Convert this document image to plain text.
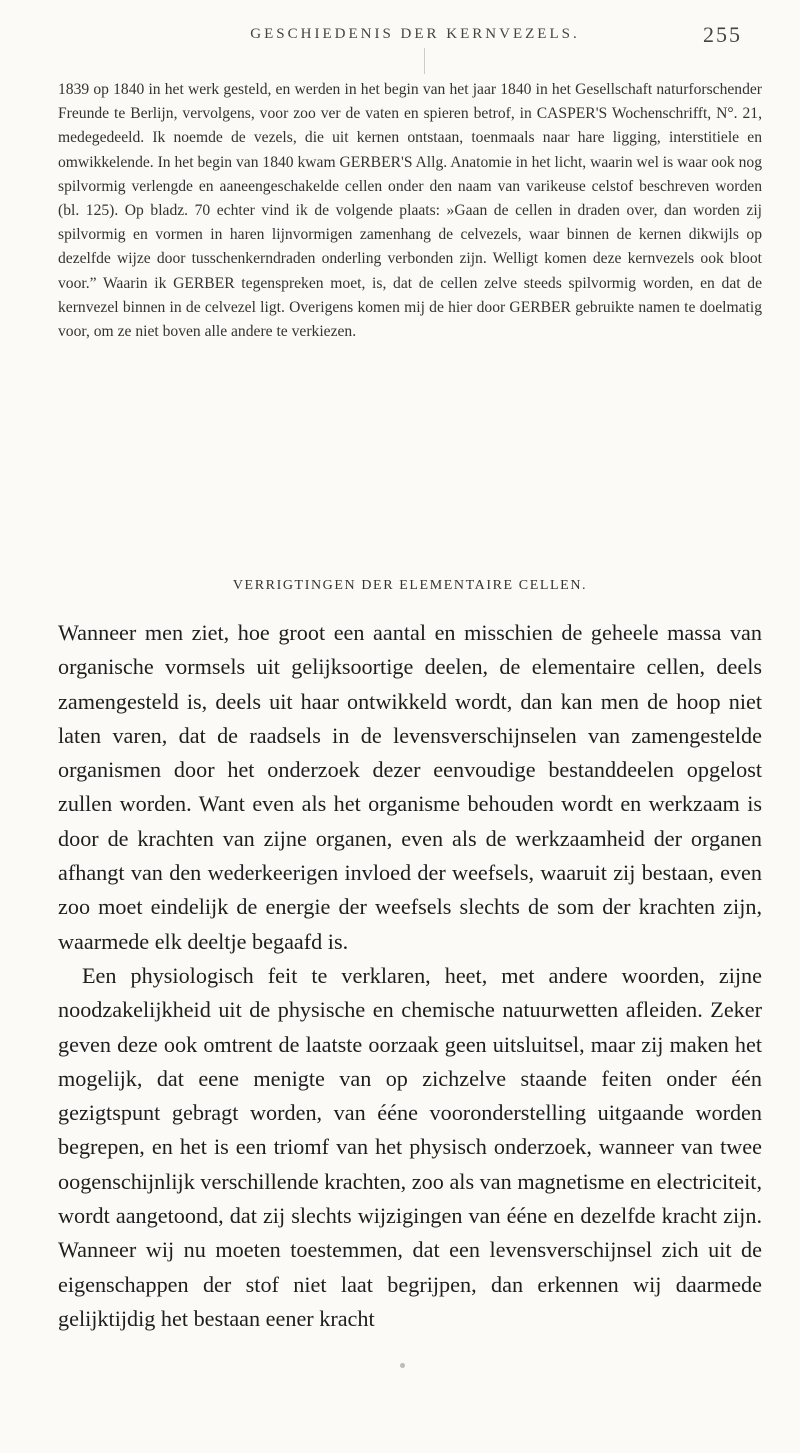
GESCHIEDENIS DER KERNVEZELS.	255

1839 op 1840 in het werk gesteld, en werden in het begin van het jaar 1840 in het Gesellschaft naturforschender Freunde te Berlijn, vervolgens, voor zoo ver de vaten en spieren betrof, in CASPER'S Wochenschrifft, N°. 21, medegedeeld. Ik noemde de vezels, die uit kernen ontstaan, toenmaals naar hare ligging, interstitiele en omwikkelende. In het begin van 1840 kwam GERBER'S Allg. Anatomie in het licht, waarin wel is waar ook nog spilvormig verlengde en aaneengeschakelde cellen onder den naam van varikeuse celstof beschreven worden (bl. 125). Op bladz. 70 echter vind ik de volgende plaats: »Gaan de cellen in draden over, dan worden zij spilvormig en vormen in haren lijnvormigen zamenhang de celvezels, waar binnen de kernen dikwijls op dezelfde wijze door tusschenkerndraden onderling verbonden zijn. Welligt komen deze kernvezels ook bloot voor.” Waarin ik GERBER tegenspreken moet, is, dat de cellen zelve steeds spilvormig worden, en dat de kernvezel binnen in de celvezel ligt. Overigens komen mij de hier door GERBER gebruikte namen te doelmatig voor, om ze niet boven alle andere te verkiezen.

VERRIGTINGEN DER ELEMENTAIRE CELLEN.

Wanneer men ziet, hoe groot een aantal en misschien de geheele massa van organische vormsels uit gelijksoortige deelen, de elementaire cellen, deels zamengesteld is, deels uit haar ontwikkeld wordt, dan kan men de hoop niet laten varen, dat de raadsels in de levensverschijnselen van zamengestelde organismen door het onderzoek dezer eenvoudige bestanddeelen opgelost zullen worden. Want even als het organisme behouden wordt en werkzaam is door de krachten van zijne organen, even als de werkzaamheid der organen afhangt van den wederkeerigen invloed der weefsels, waaruit zij bestaan, even zoo moet eindelijk de energie der weefsels slechts de som der krachten zijn, waarmede elk deeltje begaafd is.

Een physiologisch feit te verklaren, heet, met andere woorden, zijne noodzakelijkheid uit de physische en chemische natuurwetten afleiden. Zeker geven deze ook omtrent de laatste oorzaak geen uitsluitsel, maar zij maken het mogelijk, dat eene menigte van op zichzelve staande feiten onder één gezigtspunt gebragt worden, van ééne vooronderstelling uitgaande worden begrepen, en het is een triomf van het physisch onderzoek, wanneer van twee oogenschijnlijk verschillende krachten, zoo als van magnetisme en electriciteit, wordt aangetoond, dat zij slechts wijzigingen van ééne en dezelfde kracht zijn. Wanneer wij nu moeten toestemmen, dat een levensverschijnsel zich uit de eigenschappen der stof niet laat begrijpen, dan erkennen wij daarmede gelijktijdig het bestaan eener kracht
